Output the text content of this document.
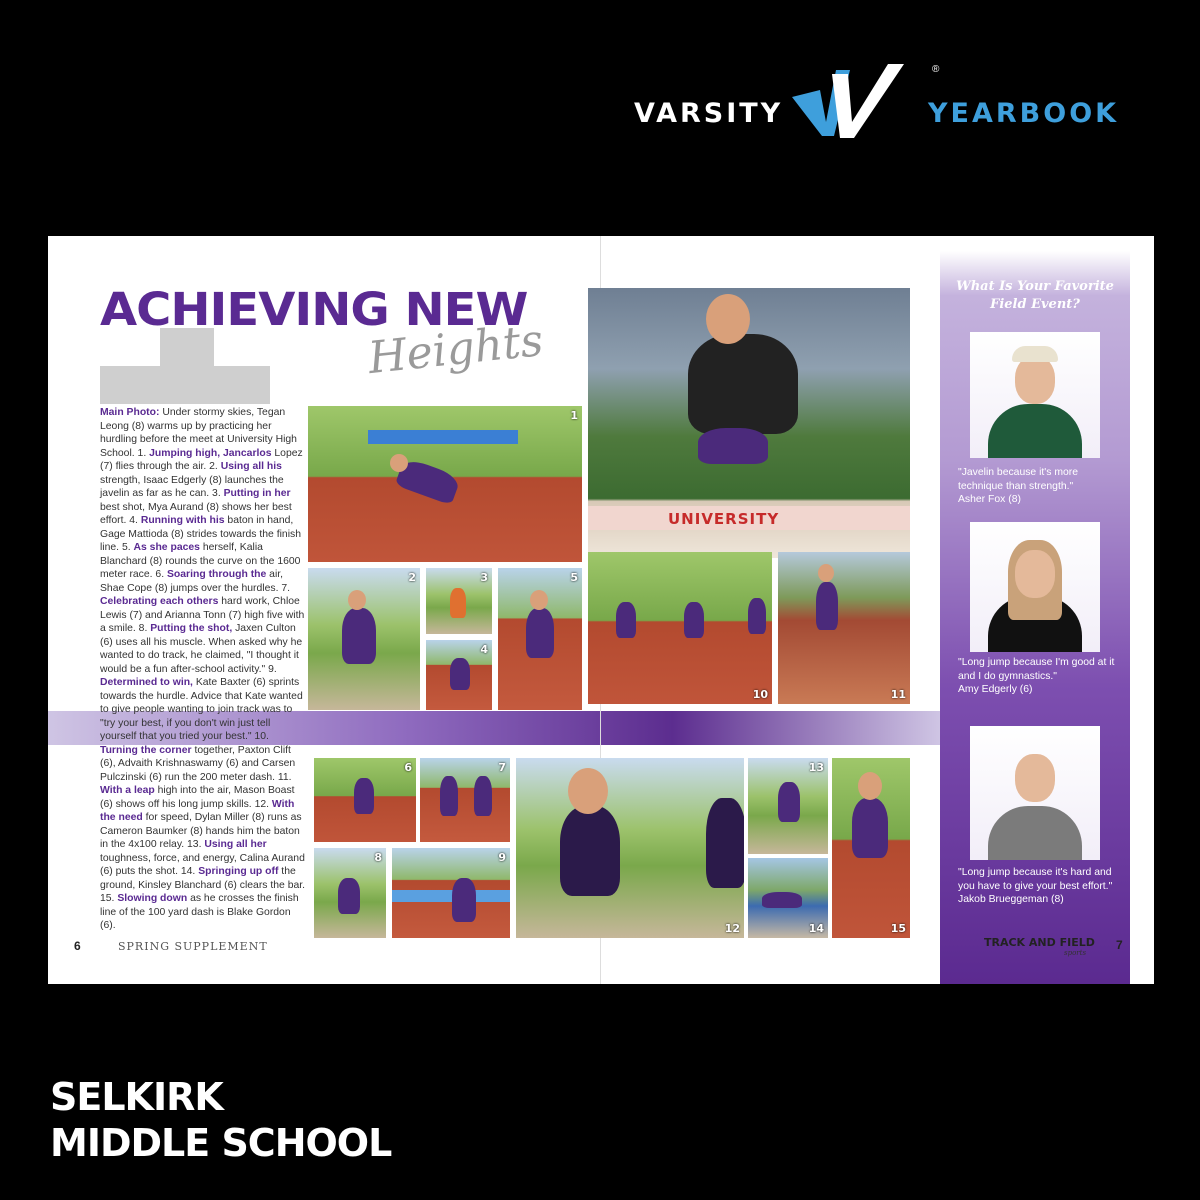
VARSITY
®
YEARBOOK
ACHIEVING NEW
Heights
Main Photo: Under stormy skies, Tegan Leong (8) warms up by practicing her hurdling before the meet at University High School. 1. Jumping high, Jancarlos Lopez (7) flies through the air. 2. Using all his strength, Isaac Edgerly (8) launches the javelin as far as he can. 3. Putting in her best shot, Mya Aurand (8) shows her best effort. 4. Running with his baton in hand, Gage Mattioda (8) strides towards the finish line. 5. As she paces herself, Kalia Blanchard (8) rounds the curve on the 1600 meter race. 6. Soaring through the air, Shae Cope (8) jumps over the hurdles. 7. Celebrating each others hard work, Chloe Lewis (7) and Arianna Tonn (7) high five with a smile. 8. Putting the shot, Jaxen Culton (6) uses all his muscle. When asked why he wanted to do track, he claimed, "I thought it would be a fun after-school activity." 9. Determined to win, Kate Baxter (6) sprints towards the hurdle. Advice that Kate wanted to give people wanting to join track was to "try your best, if you don't win just tell yourself that you tried your best." 10. Turning the corner together, Paxton Clift (6), Advaith Krishnaswamy (6) and Carsen Pulczinski (6) run the 200 meter dash. 11. With a leap high into the air, Mason Boast (6) shows off his long jump skills. 12. With the need for speed, Dylan Miller (8) runs as Cameron Baumker (8) hands him the baton in the 4x100 relay. 13. Using all her toughness, force, and energy, Calina Aurand (6) puts the shot. 14. Springing up off the ground, Kinsley Blanchard (6) clears the bar. 15. Slowing down as he crosses the finish line of the 100 yard dash is Blake Gordon (6).
6	SPRING SUPPLEMENT
1
2	3
4
5
6	7
8	9
UNIVERSITY
10	11
12
13
14	15
What Is Your Favorite Field Event?
"Javelin because it's more technique than strength."
Asher Fox (8)
"Long jump because I'm good at it and I do gymnastics."
Amy Edgerly (6)
"Long jump because it's hard and you have to give your best effort."
Jakob Brueggeman (8)
TRACK AND FIELD
sports
7
SELKIRK
MIDDLE SCHOOL
